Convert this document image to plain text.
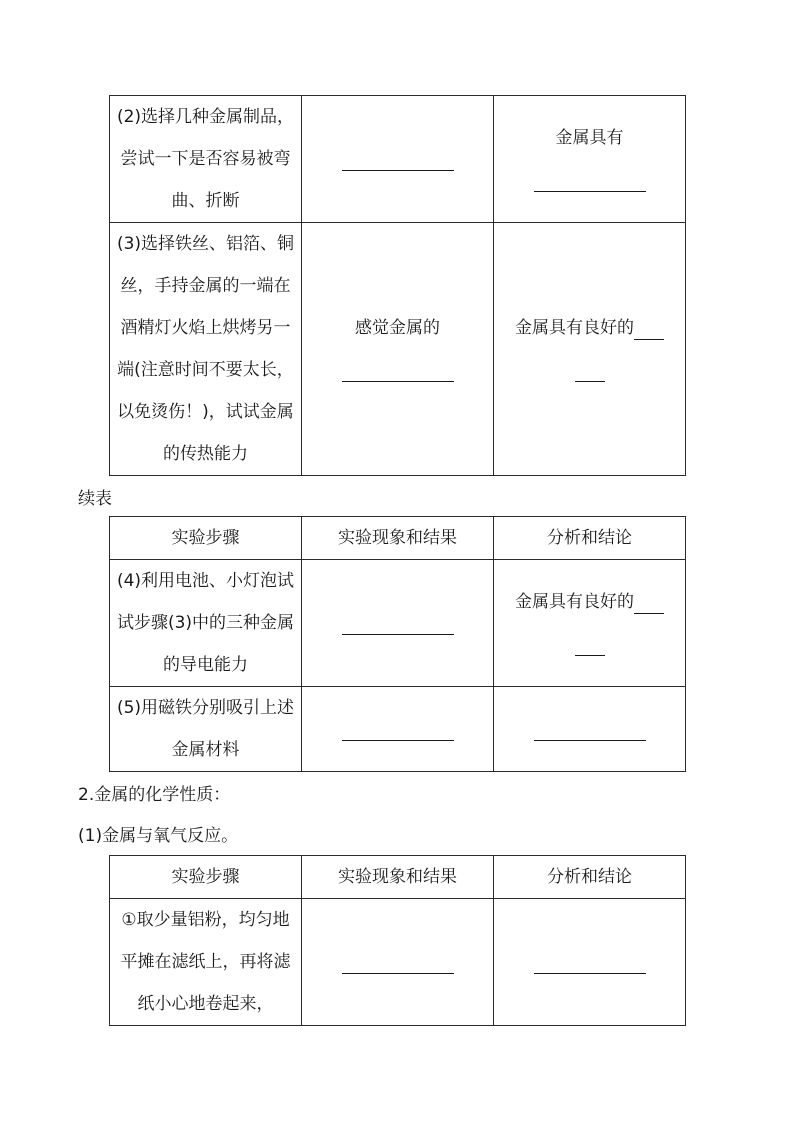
(2)选择几种金属制品，尝试一下是否容易被弯曲、折断		金属具有

(3)选择铁丝、铝箔、铜丝，手持金属的一端在酒精灯火焰上烘烤另一端(注意时间不要太长，以免烫伤！)，试试金属的传热能力	感觉金属的	金属具有良好的

续表
实验步骤	实验现象和结果	分析和结论
(4)利用电池、小灯泡试试步骤(3)中的三种金属的导电能力		金属具有良好的

(5)用磁铁分别吸引上述金属材料		
2.金属的化学性质：
(1)金属与氧气反应。
实验步骤	实验现象和结果	分析和结论
①取少量铝粉，均匀地平摊在滤纸上，再将滤纸小心地卷起来，		
